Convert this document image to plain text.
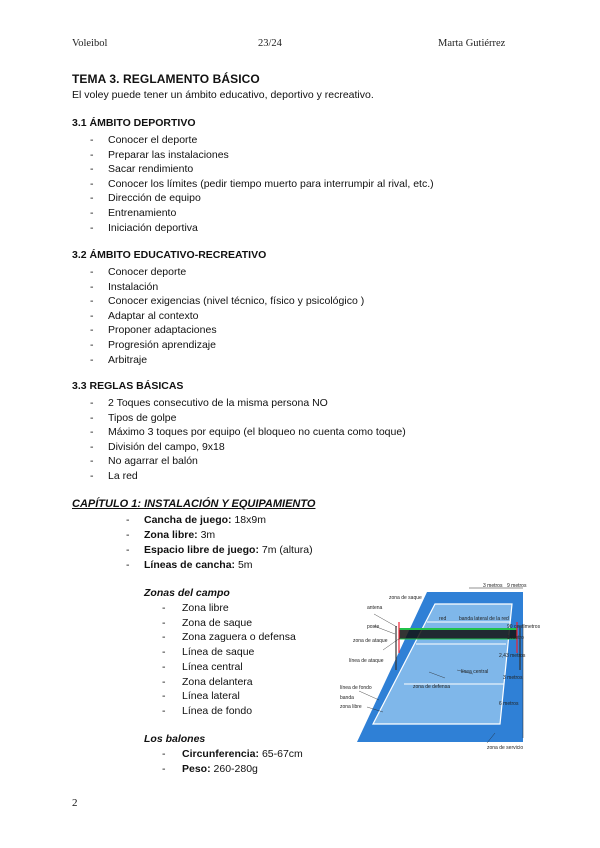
Voleibol	23/24	Marta Gutiérrez
TEMA 3. REGLAMENTO BÁSICO
El voley puede tener un ámbito educativo, deportivo y recreativo.
3.1 ÁMBITO DEPORTIVO
- Conocer el deporte
- Preparar las instalaciones
- Sacar rendimiento
- Conocer los límites (pedir tiempo muerto para interrumpir al rival, etc.)
- Dirección de equipo
- Entrenamiento
- Iniciación deportiva
3.2 ÁMBITO EDUCATIVO-RECREATIVO
- Conocer deporte
- Instalación
- Conocer exigencias (nivel técnico, físico y psicológico )
- Adaptar al contexto
- Proponer adaptaciones
- Progresión aprendizaje
- Arbitraje
3.3 REGLAS BÁSICAS
- 2 Toques consecutivo de la misma persona NO
- Tipos de golpe
- Máximo 3 toques por equipo (el bloqueo no cuenta como toque)
- División del campo, 9x18
- No agarrar el balón
- La red
CAPÍTULO 1: INSTALACIÓN Y EQUIPAMIENTO
- Cancha de juego: 18x9m
- Zona libre: 3m
- Espacio libre de juego: 7m (altura)
- Líneas de cancha: 5m
Zonas del campo
- Zona libre
- Zona de saque
- Zona zaguera o defensa
- Línea de saque
- Línea central
- Zona delantera
- Línea lateral
- Línea de fondo
Los balones
- Circunferencia: 65-67cm
- Peso: 260-280g
3 metros 9 metros
zona de saque
antena
red	banda lateral de la red
90 centímetros
1 metro
poste
zona de ataque
2,43 metros
línea de ataque
línea central
3 metros
línea de fondo	zona de defensa
banda
6 metros
zona libre
zona de servicio
2
